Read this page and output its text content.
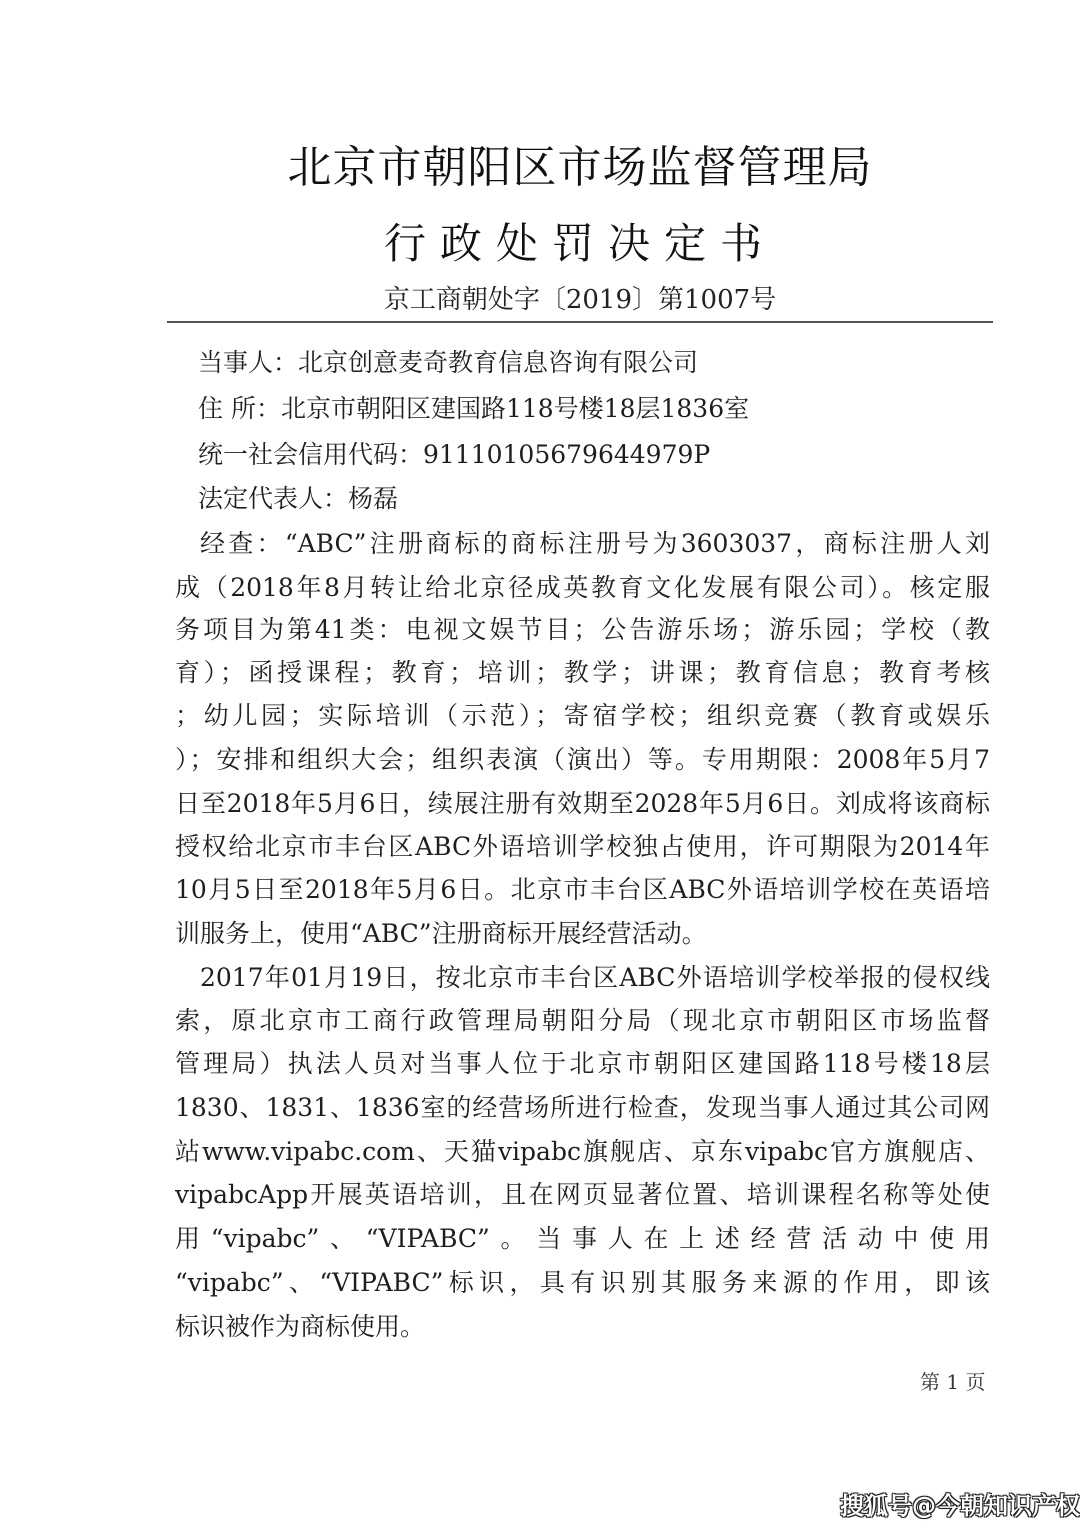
北京市朝阳区市场监督管理局
行政处罚决定书
京工商朝处字〔2019〕第1007号
当事人：北京创意麦奇教育信息咨询有限公司
住 所：北京市朝阳区建国路118号楼18层1836室
统一社会信用代码：91110105679644979P
法定代表人：杨磊
经查：“ABC”注册商标的商标注册号为3603037，商标注册人刘
成（2018年8月转让给北京径成英教育文化发展有限公司）。核定服
务项目为第41类：电视文娱节目；公告游乐场；游乐园；学校（教
育）；函授课程；教育；培训；教学；讲课；教育信息；教育考核
；幼儿园；实际培训（示范）；寄宿学校；组织竞赛（教育或娱乐
）；安排和组织大会；组织表演（演出）等。专用期限：2008年5月7
日至2018年5月6日，续展注册有效期至2028年5月6日。刘成将该商标
授权给北京市丰台区ABC外语培训学校独占使用，许可期限为2014年
10月5日至2018年5月6日。北京市丰台区ABC外语培训学校在英语培
训服务上，使用“ABC”注册商标开展经营活动。
2017年01月19日，按北京市丰台区ABC外语培训学校举报的侵权线
索，原北京市工商行政管理局朝阳分局（现北京市朝阳区市场监督
管理局）执法人员对当事人位于北京市朝阳区建国路118号楼18层
1830、1831、1836室的经营场所进行检查，发现当事人通过其公司网
站www.vipabc.com、天猫vipabc旗舰店、京东vipabc官方旗舰店、
vipabcApp开展英语培训，且在网页显著位置、培训课程名称等处使
用“vipabc”、“VIPABC”。当事人在上述经营活动中使用
“vipabc”、“VIPABC”标识，具有识别其服务来源的作用，即该
标识被作为商标使用。
第 1 页
搜狐号@今朝知识产权
